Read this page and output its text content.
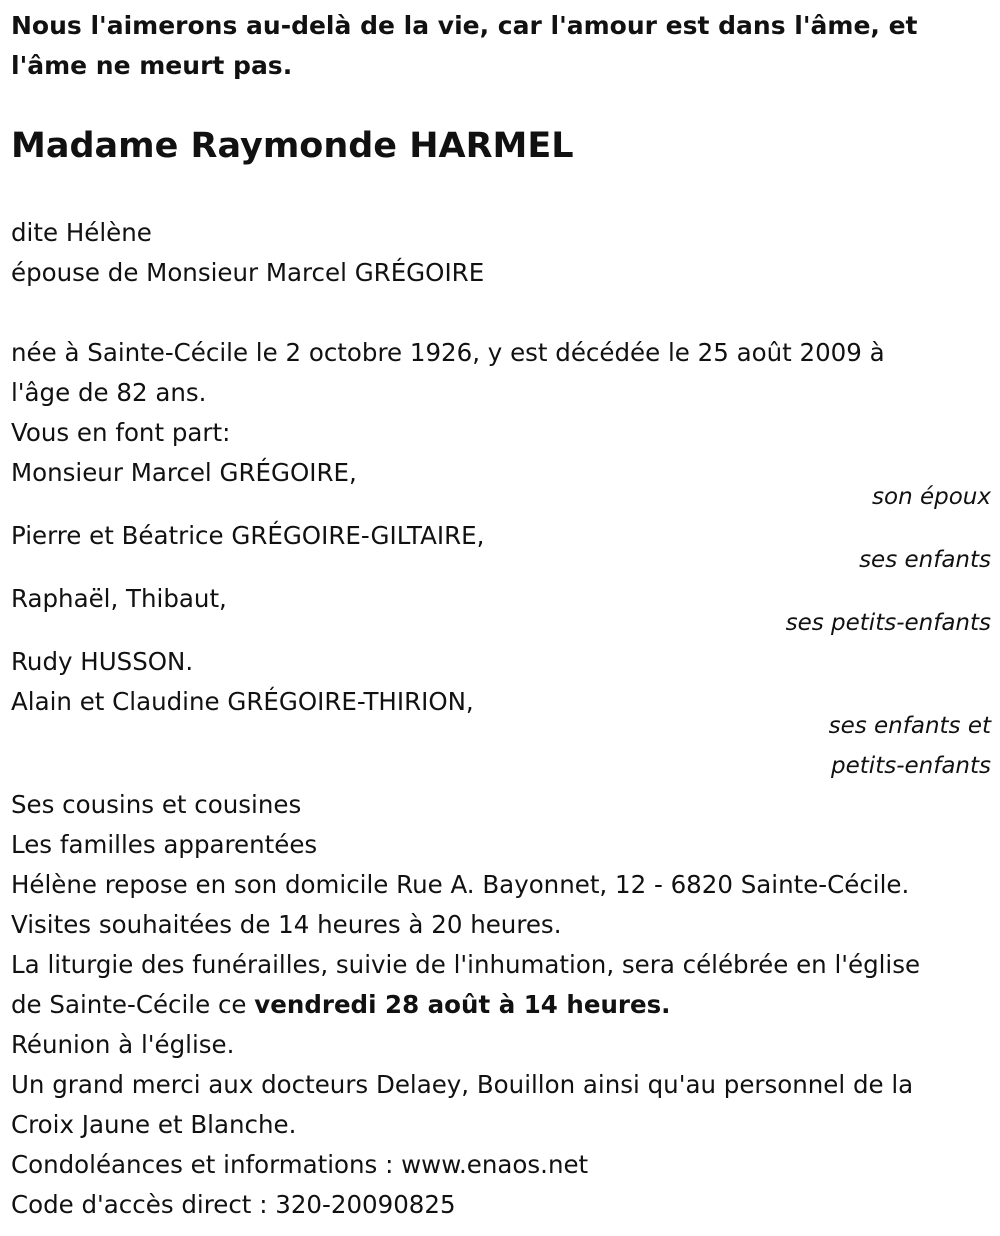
Nous l'aimerons au-delà de la vie, car l'amour est dans l'âme, et l'âme ne meurt pas.

Madame Raymonde HARMEL

dite Hélène

épouse de Monsieur Marcel GRÉGOIRE

née à Sainte-Cécile le 2 octobre 1926, y est décédée le 25 août 2009 à

l'âge de 82 ans.

Vous en font part:

Monsieur Marcel GRÉGOIRE,

son époux

Pierre et Béatrice GRÉGOIRE-GILTAIRE,

ses enfants

Raphaël, Thibaut,

ses petits-enfants

Rudy HUSSON.

Alain et Claudine GRÉGOIRE-THIRION,

ses enfants et

petits-enfants

Ses cousins et cousines

Les familles apparentées

Hélène repose en son domicile Rue A. Bayonnet, 12 - 6820 Sainte-Cécile.

Visites souhaitées de 14 heures à 20 heures.

La liturgie des funérailles, suivie de l'inhumation, sera célébrée en l'église

de Sainte-Cécile ce vendredi 28 août à 14 heures.

Réunion à l'église.

Un grand merci aux docteurs Delaey, Bouillon ainsi qu'au personnel de la

Croix Jaune et Blanche.

Condoléances et informations : www.enaos.net

Code d'accès direct : 320-20090825
